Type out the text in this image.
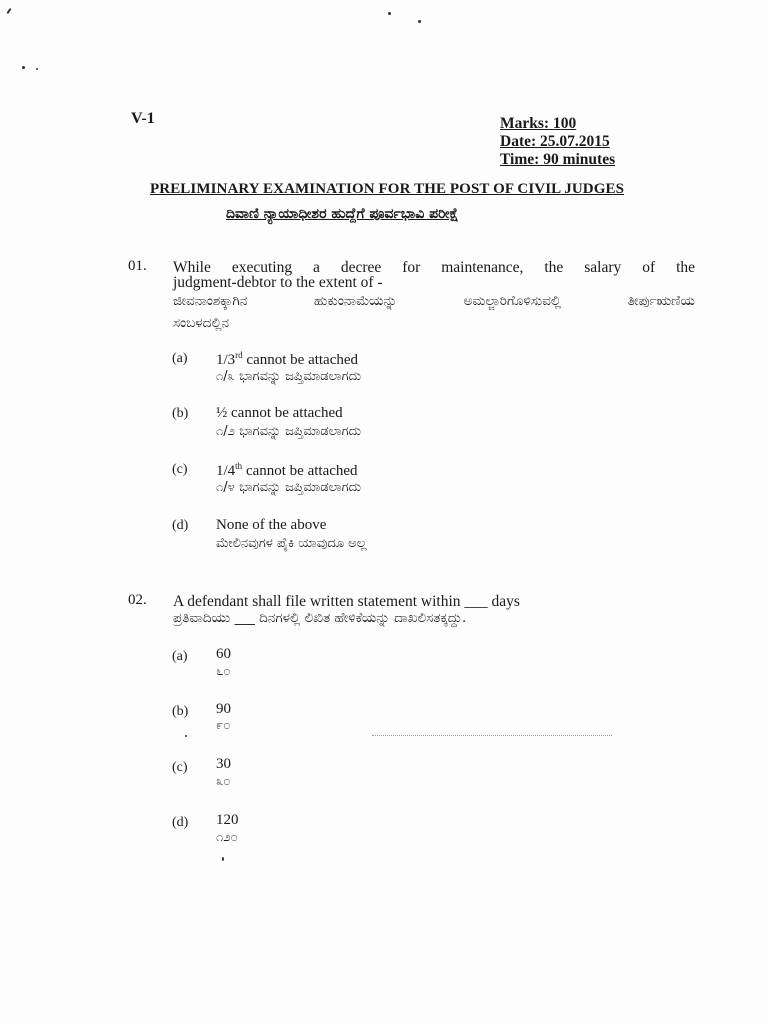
V-1	Marks: 100
Date: 25.07.2015
Time: 90 minutes
PRELIMINARY EXAMINATION FOR THE POST OF CIVIL JUDGES
ದಿವಾಣಿ ನ್ಯಾಯಾಧೀಶರ ಹುದ್ದೆಗೆ ಪೂರ್ವಭಾವಿ ಪರೀಕ್ಷೆ
01. While executing a decree for maintenance, the salary of the
judgment-debtor to the extent of -
ಜೀವನಾಂಶಕ್ಕಾಗಿನ	ಹುಕುಂನಾಮೆಯನ್ನು	ಅಮಲ್ಜಾರಿಗೊಳಿಸುವಲ್ಲಿ	ತೀರ್ಪುಋಣಿಯ
ಸಂಬಳದಲ್ಲಿನ
(a) 1/3rd cannot be attached
೧/೩ ಭಾಗವನ್ನು ಜಪ್ತಿಮಾಡಲಾಗದು
(b) ½ cannot be attached
೧/೨ ಭಾಗವನ್ನು ಜಪ್ತಿಮಾಡಲಾಗದು
(c) 1/4th cannot be attached
೧/೪ ಭಾಗವನ್ನು ಜಪ್ತಿಮಾಡಲಾಗದು
(d) None of the above
ಮೇಲಿನವುಗಳ ಪೈಕಿ ಯಾವುದೂ ಅಲ್ಲ
02. A defendant shall file written statement within ___ days
ಪ್ರತಿವಾದಿಯು ___ ದಿನಗಳಲ್ಲಿ ಲಿಖಿತ ಹೇಳಿಕೆಯನ್ನು ದಾಖಲಿಸತಕ್ಕದ್ದು.
(a) 60
೬೦
(b) 90
೯೦
(c) 30
೩೦
(d) 120
೧೨೦
